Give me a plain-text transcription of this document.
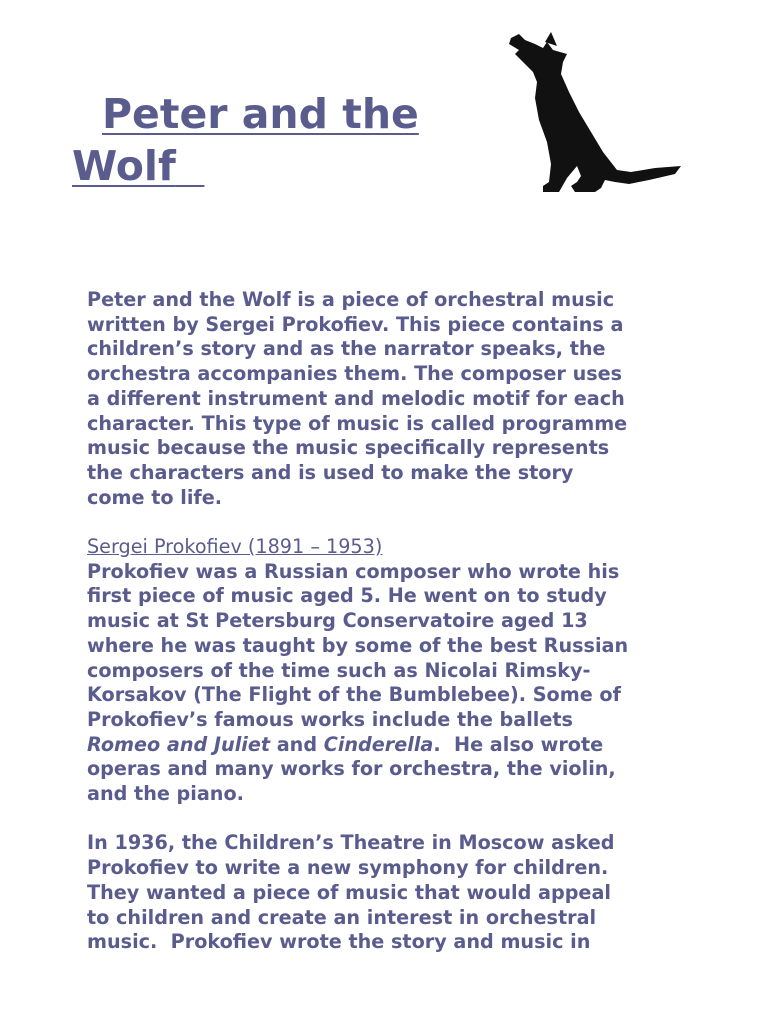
Peter and the
Wolf

Peter and the Wolf is a piece of orchestral music
written by Sergei Prokofiev. This piece contains a
children’s story and as the narrator speaks, the
orchestra accompanies them. The composer uses
a different instrument and melodic motif for each
character. This type of music is called programme
music because the music specifically represents
the characters and is used to make the story
come to life.

Sergei Prokofiev (1891 – 1953)
Prokofiev was a Russian composer who wrote his
first piece of music aged 5. He went on to study
music at St Petersburg Conservatoire aged 13
where he was taught by some of the best Russian
composers of the time such as Nicolai Rimsky-
Korsakov (The Flight of the Bumblebee). Some of
Prokofiev’s famous works include the ballets
Romeo and Juliet and Cinderella.  He also wrote
operas and many works for orchestra, the violin,
and the piano.

In 1936, the Children’s Theatre in Moscow asked
Prokofiev to write a new symphony for children.
They wanted a piece of music that would appeal
to children and create an interest in orchestral
music.  Prokofiev wrote the story and music in
